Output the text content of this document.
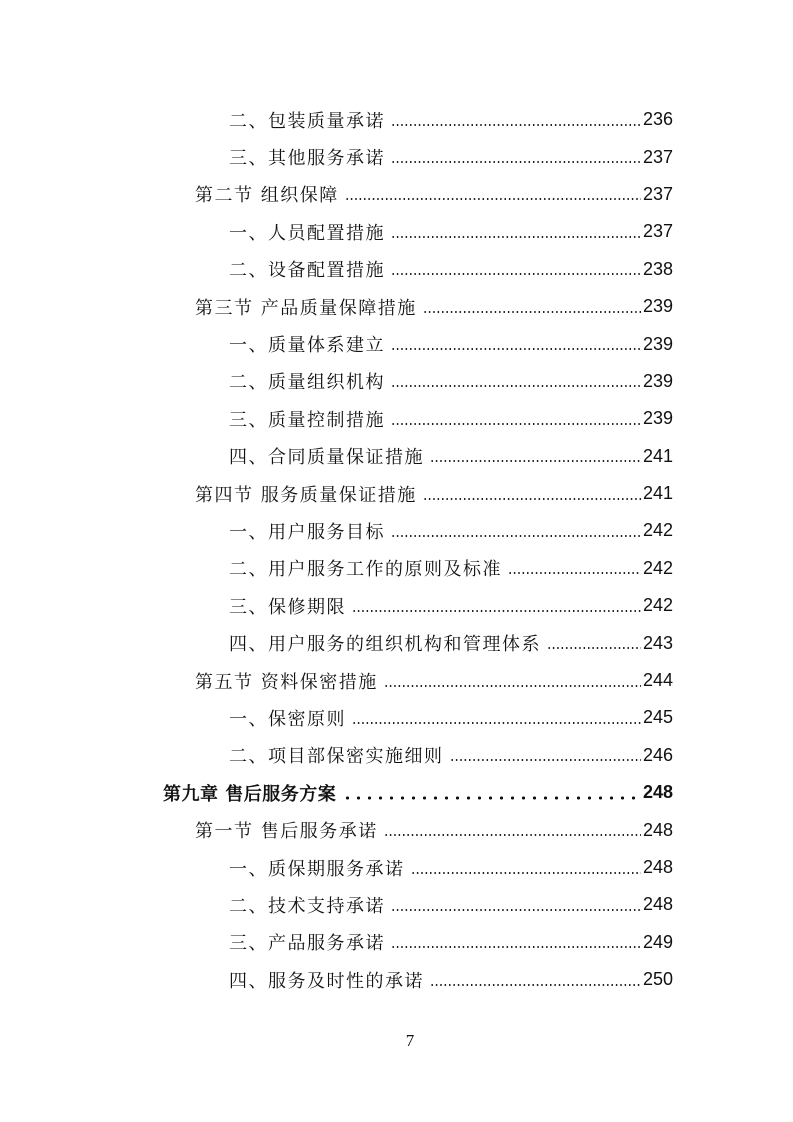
二、包装质量承诺	236
三、其他服务承诺	237
第二节 组织保障	237
一、人员配置措施	237
二、设备配置措施	238
第三节 产品质量保障措施	239
一、质量体系建立	239
二、质量组织机构	239
三、质量控制措施	239
四、合同质量保证措施	241
第四节 服务质量保证措施	241
一、用户服务目标	242
二、用户服务工作的原则及标准	242
三、保修期限	242
四、用户服务的组织机构和管理体系	243
第五节 资料保密措施	244
一、保密原则	245
二、项目部保密实施细则	246
第九章 售后服务方案	248
第一节 售后服务承诺	248
一、质保期服务承诺	248
二、技术支持承诺	248
三、产品服务承诺	249
四、服务及时性的承诺	250
7
